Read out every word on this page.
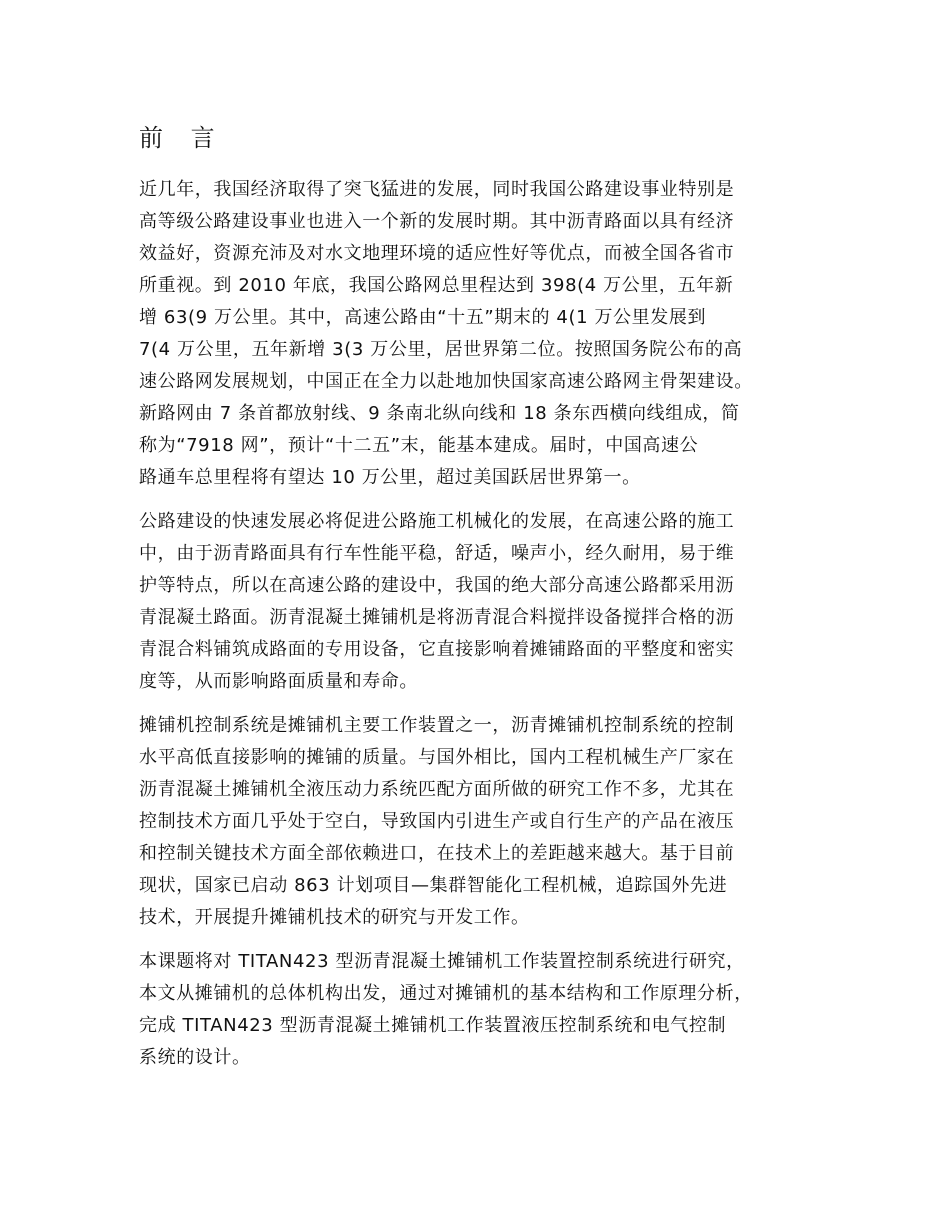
前 言
近几年，我国经济取得了突飞猛进的发展，同时我国公路建设事业特别是
高等级公路建设事业也进入一个新的发展时期。其中沥青路面以具有经济
效益好，资源充沛及对水文地理环境的适应性好等优点，而被全国各省市
所重视。到 2010 年底，我国公路网总里程达到 398(4 万公里，五年新
增 63(9 万公里。其中，高速公路由“十五”期末的 4(1 万公里发展到
7(4 万公里，五年新增 3(3 万公里，居世界第二位。按照国务院公布的高
速公路网发展规划，中国正在全力以赴地加快国家高速公路网主骨架建设。
新路网由 7 条首都放射线、9 条南北纵向线和 18 条东西横向线组成，简
称为“7918 网”，预计“十二五”末，能基本建成。届时，中国高速公
路通车总里程将有望达 10 万公里，超过美国跃居世界第一。
公路建设的快速发展必将促进公路施工机械化的发展，在高速公路的施工
中，由于沥青路面具有行车性能平稳，舒适，噪声小，经久耐用，易于维
护等特点，所以在高速公路的建设中，我国的绝大部分高速公路都采用沥
青混凝土路面。沥青混凝土摊铺机是将沥青混合料搅拌设备搅拌合格的沥
青混合料铺筑成路面的专用设备，它直接影响着摊铺路面的平整度和密实
度等，从而影响路面质量和寿命。
摊铺机控制系统是摊铺机主要工作装置之一，沥青摊铺机控制系统的控制
水平高低直接影响的摊铺的质量。与国外相比，国内工程机械生产厂家在
沥青混凝土摊铺机全液压动力系统匹配方面所做的研究工作不多，尤其在
控制技术方面几乎处于空白，导致国内引进生产或自行生产的产品在液压
和控制关键技术方面全部依赖进口，在技术上的差距越来越大。基于目前
现状，国家已启动 863 计划项目—集群智能化工程机械，追踪国外先进
技术，开展提升摊铺机技术的研究与开发工作。
本课题将对 TITAN423 型沥青混凝土摊铺机工作装置控制系统进行研究，
本文从摊铺机的总体机构出发，通过对摊铺机的基本结构和工作原理分析，
完成 TITAN423 型沥青混凝土摊铺机工作装置液压控制系统和电气控制
系统的设计。
